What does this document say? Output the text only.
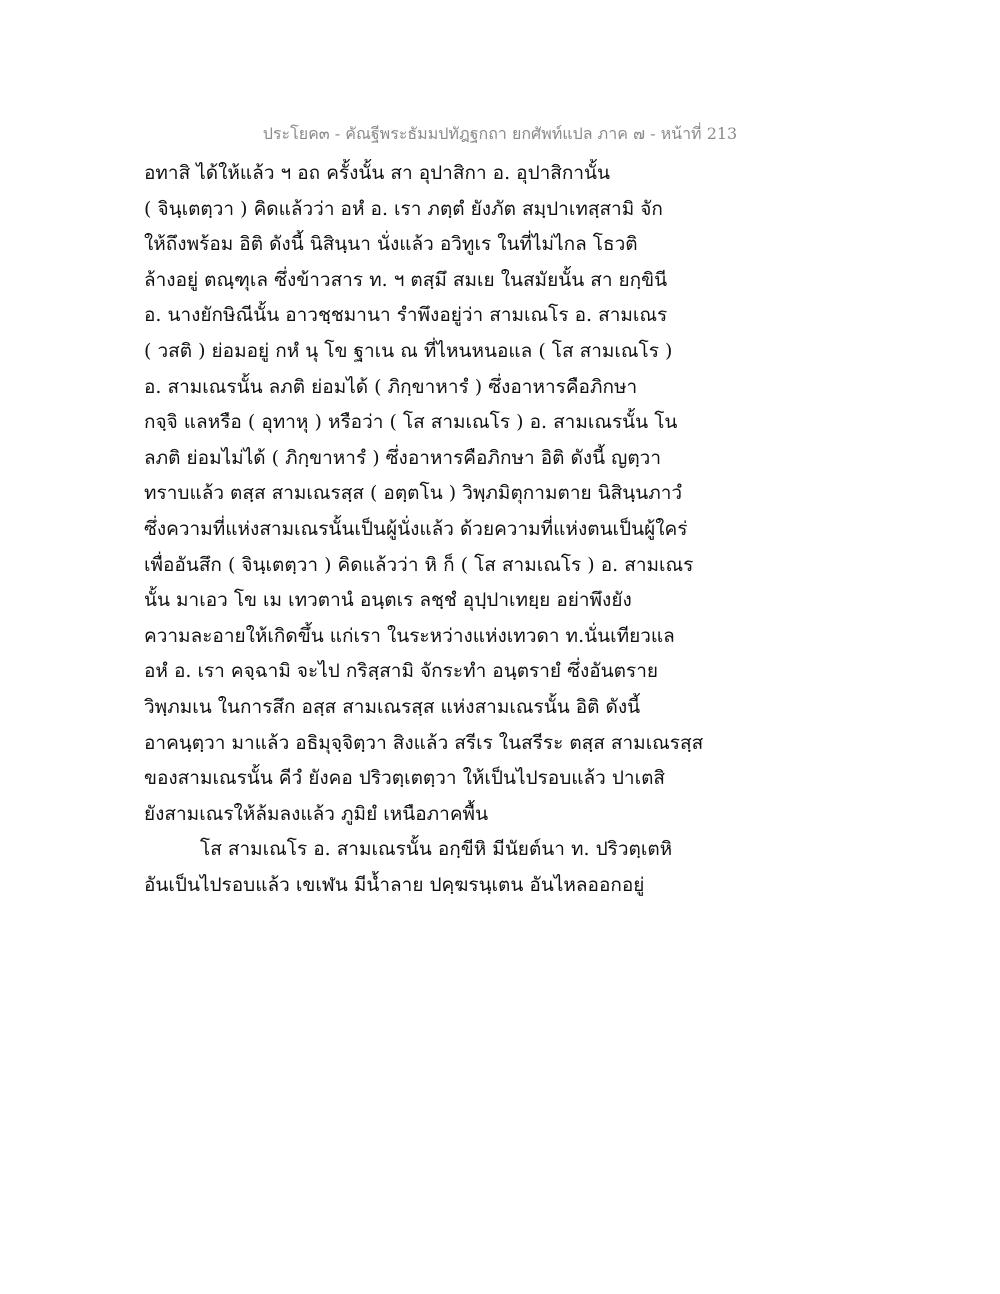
ประโยค๓ - คัณฐีพระธัมมปทัฎฐกถา ยกศัพท์แปล ภาค ๗ - หน้าที่ 213
อทาสิ ได้ให้แล้ว ฯ อถ ครั้งนั้น สา อุปาสิกา อ. อุปาสิกานั้น
( จินฺเตตฺวา ) คิดแล้วว่า อหํ อ. เรา ภตฺตํ ยังภัต สมฺปาเทสฺสามิ จัก
ให้ถึงพร้อม อิติ ดังนี้ นิสินฺนา นั่งแล้ว อวิทูเร ในที่ไม่ไกล โธวติ
ล้างอยู่ ตณฺฑุเล ซึ่งข้าวสาร ท. ฯ ตสฺมึ สมเย ในสมัยนั้น สา ยกฺขินี
อ. นางยักษิณีนั้น อาวชฺชมานา รำพึงอยู่ว่า สามเณโร อ. สามเณร
( วสติ ) ย่อมอยู่ กหํ นุ โข ฐาเน ณ ที่ไหนหนอแล ( โส สามเณโร )
อ. สามเณรนั้น ลภติ ย่อมได้ ( ภิกฺขาหารํ ) ซึ่งอาหารคือภิกษา
กจฺจิ แลหรือ ( อุทาหุ ) หรือว่า ( โส สามเณโร ) อ. สามเณรนั้น โน
ลภติ ย่อมไม่ได้ ( ภิกฺขาหารํ ) ซึ่งอาหารคือภิกษา อิติ ดังนี้ ญตฺวา
ทราบแล้ว ตสฺส สามเณรสฺส ( อตฺตโน ) วิพฺภมิตุกามตาย นิสินฺนภาวํ
ซึ่งความที่แห่งสามเณรนั้นเป็นผู้นั่งแล้ว ด้วยความที่แห่งตนเป็นผู้ใคร่
เพื่ออันสึก ( จินฺเตตฺวา ) คิดแล้วว่า หิ ก็ ( โส สามเณโร ) อ. สามเณร
นั้น มาเอว โข เม เทวตานํ อนฺตเร ลชฺชํ อุปฺปาเทยฺย อย่าพึงยัง
ความละอายให้เกิดขึ้น แก่เรา ในระหว่างแห่งเทวดา ท.นั่นเทียวแล
อหํ อ. เรา คจฺฉามิ จะไป กริสฺสามิ จักระทำ อนฺตรายํ ซึ่งอันตราย
วิพฺภมเน ในการสึก อสฺส สามเณรสฺส แห่งสามเณรนั้น อิติ ดังนี้
อาคนฺตฺวา มาแล้ว อธิมุจฺจิตฺวา สิงแล้ว สรีเร ในสรีระ ตสฺส สามเณรสฺส
ของสามเณรนั้น คีวํ ยังคอ ปริวตฺเตตฺวา ให้เป็นไปรอบแล้ว ปาเตสิ
ยังสามเณรให้ล้มลงแล้ว ภูมิยํ เหนือภาคพื้น
โส สามเณโร อ. สามเณรนั้น อกฺขีหิ มีนัยต์นา ท. ปริวตฺเตหิ
อันเป็นไปรอบแล้ว เขเฬน มีน้ำลาย ปคฺฆรนฺเตน อันไหลออกอยู่
